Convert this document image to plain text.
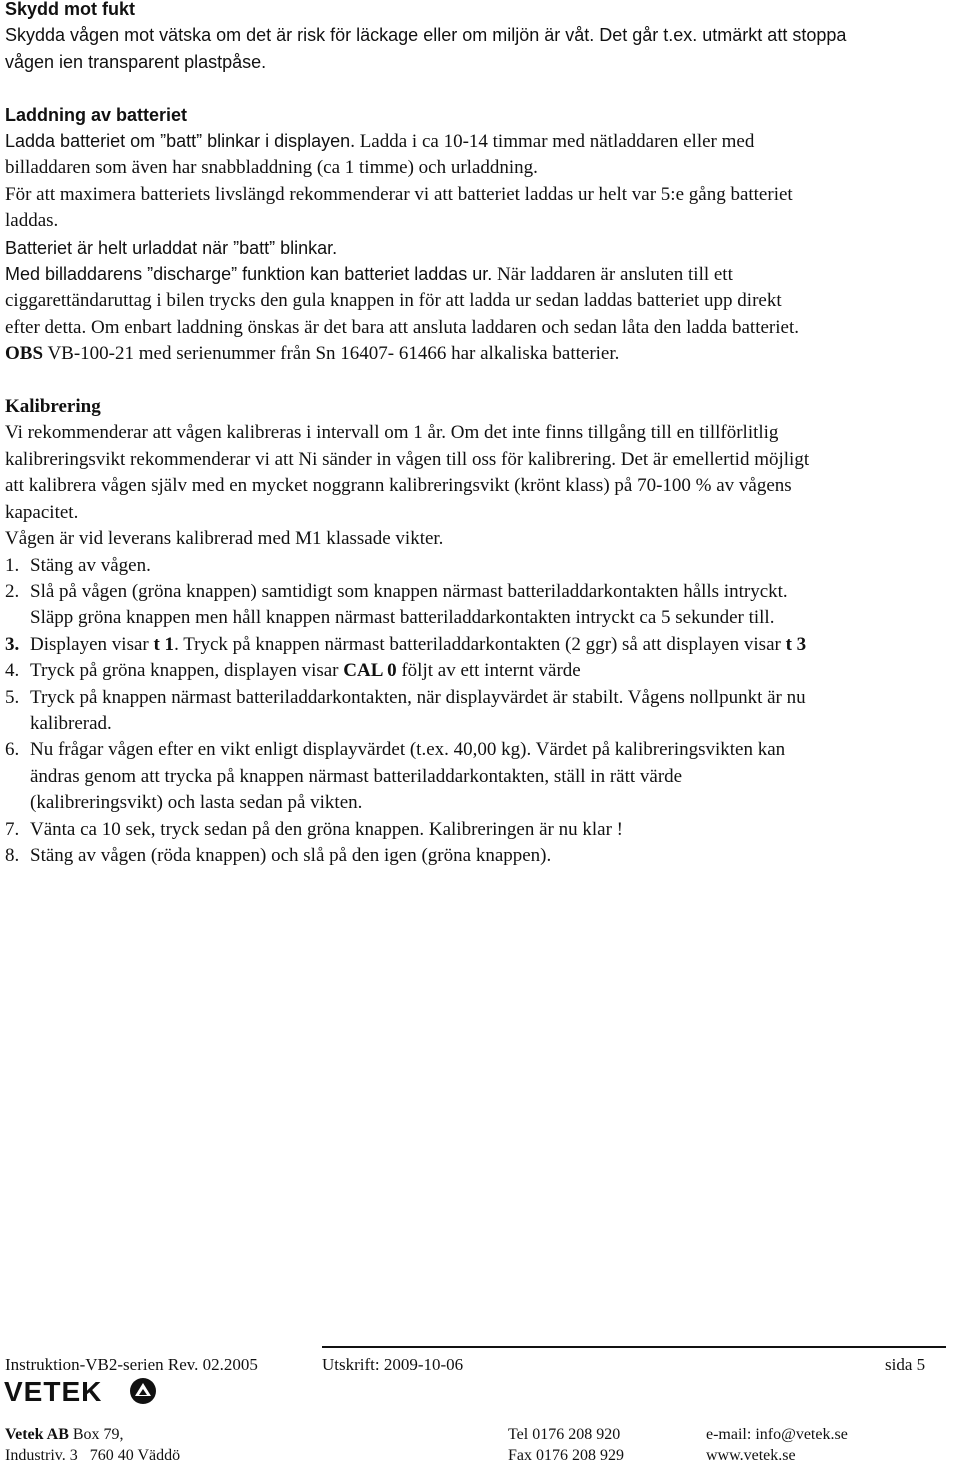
Skydd mot fukt

Skydda vågen mot vätska om det är risk för läckage eller om miljön är våt. Det går t.ex. utmärkt att stoppa

vågen ien transparent plastpåse.

Laddning av batteriet

Ladda batteriet om ”batt” blinkar i displayen. Ladda i ca 10-14 timmar med nätladdaren eller med

billaddaren som även har snabbladdning (ca 1 timme) och urladdning.

För att maximera batteriets livslängd rekommenderar vi att batteriet laddas ur helt var 5:e gång batteriet

laddas.

Batteriet är helt urladdat när ”batt” blinkar.

Med billaddarens ”discharge” funktion kan batteriet laddas ur. När laddaren är ansluten till ett

ciggarettändaruttag i bilen trycks den gula knappen in för att ladda ur sedan laddas batteriet upp direkt

efter detta. Om enbart laddning önskas är det bara att ansluta laddaren och sedan låta den ladda batteriet.

OBS VB-100-21 med serienummer från Sn 16407- 61466 har alkaliska batterier.

Kalibrering

Vi rekommenderar att vågen kalibreras i intervall om 1 år. Om det inte finns tillgång till en tillförlitlig

kalibreringsvikt rekommenderar vi att Ni sänder in vågen till oss för kalibrering. Det är emellertid möjligt

att kalibrera vågen själv med en mycket noggrann kalibreringsvikt (krönt klass) på 70-100 % av vågens

kapacitet.

Vågen är vid leverans kalibrerad med M1 klassade vikter.

1. Stäng av vågen.
2. Slå på vågen (gröna knappen) samtidigt som knappen närmast batteriladdarkontakten hålls intryckt.
Släpp gröna knappen men håll knappen närmast batteriladdarkontakten intryckt ca 5 sekunder till.
3. Displayen visar t 1. Tryck på knappen närmast batteriladdarkontakten (2 ggr) så att displayen visar t 3
4. Tryck på gröna knappen, displayen visar CAL 0 följt av ett internt värde
5. Tryck på knappen närmast batteriladdarkontakten, när displayvärdet är stabilt. Vågens nollpunkt är nu
kalibrerad.
6. Nu frågar vågen efter en vikt enligt displayvärdet (t.ex. 40,00 kg). Värdet på kalibreringsvikten kan
ändras genom att trycka på knappen närmast batteriladdarkontakten, ställ in rätt värde
(kalibreringsvikt) och lasta sedan på vikten.
7. Vänta ca 10 sek, tryck sedan på den gröna knappen. Kalibreringen är nu klar !
8. Stäng av vågen (röda knappen) och slå på den igen (gröna knappen).
Instruktion-VB2-serien Rev. 02.2005	Utskrift: 2009-10-06	sida 5
VETEK
Vetek AB Box 79,
Industriv. 3 760 40 Väddö
Tel 0176 208 920
Fax 0176 208 929
e-mail: info@vetek.se
www.vetek.se
